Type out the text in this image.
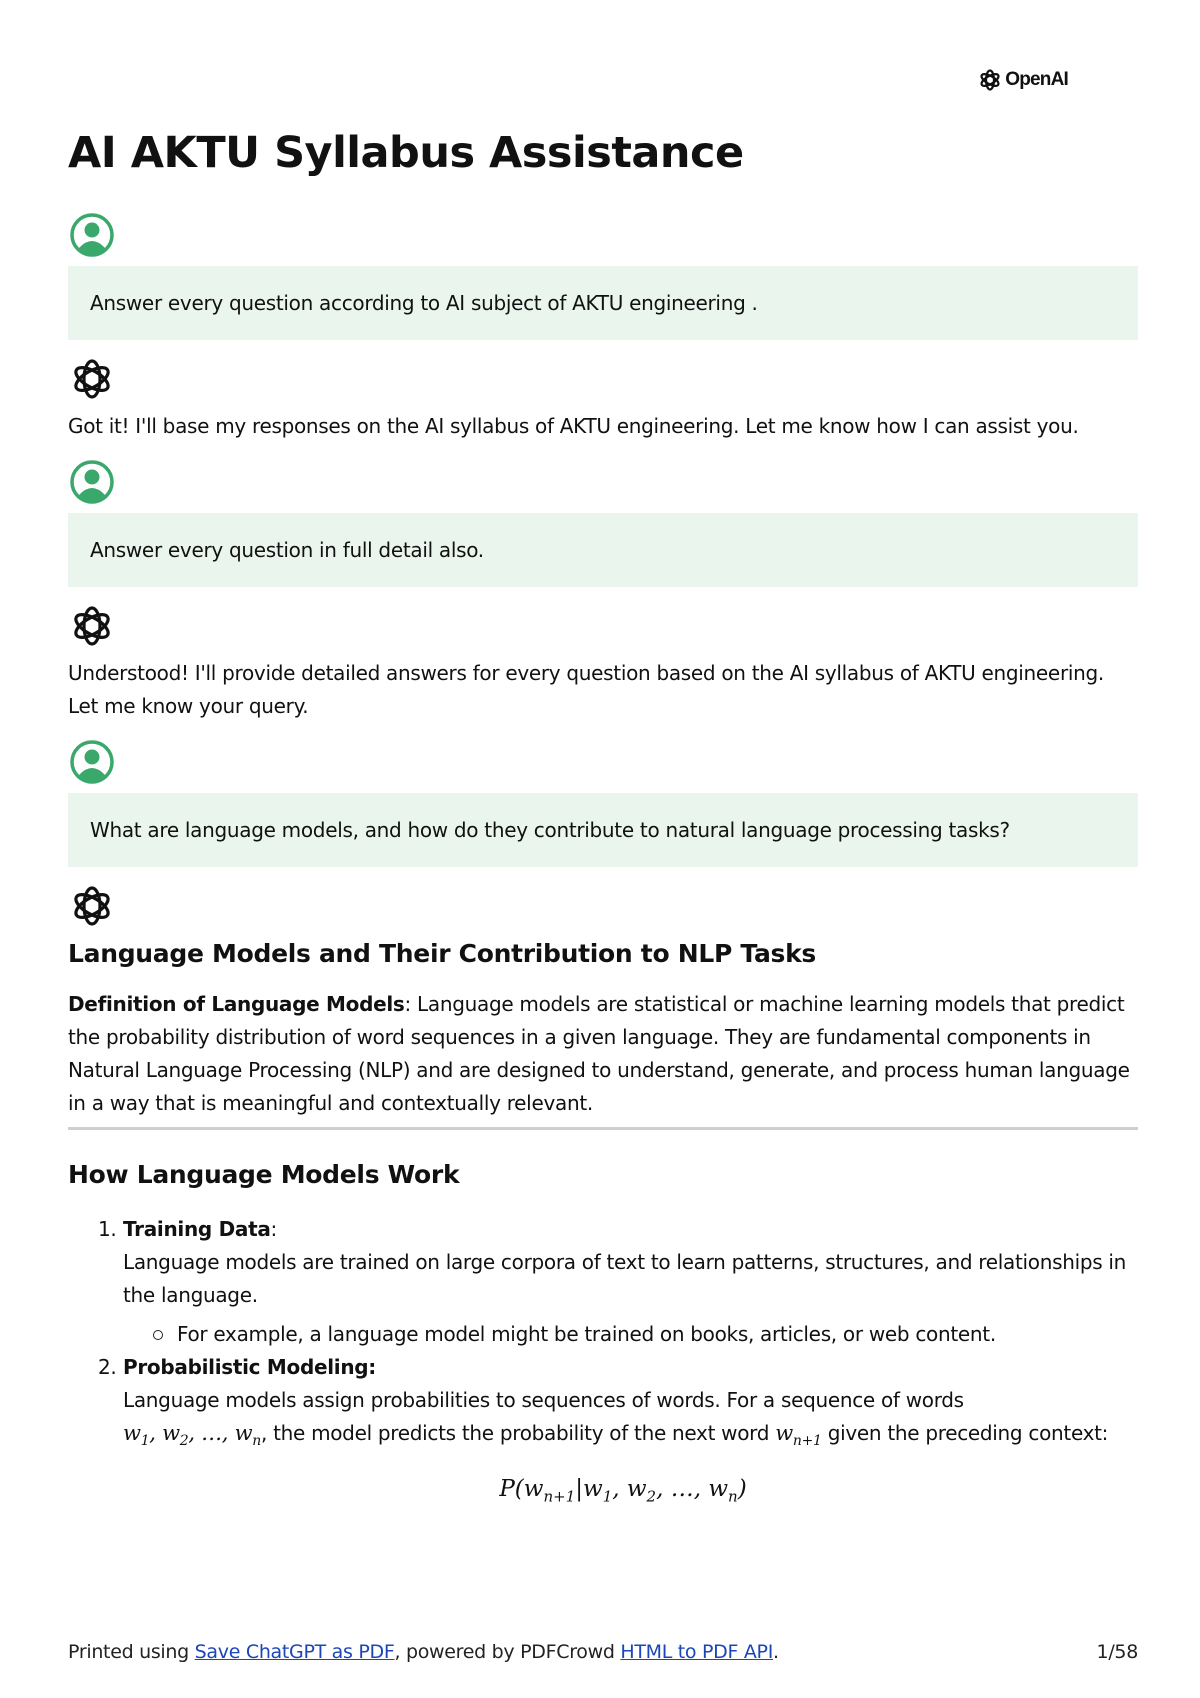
OpenAI
AI AKTU Syllabus Assistance
Answer every question according to AI subject of AKTU engineering .
Got it! I'll base my responses on the AI syllabus of AKTU engineering. Let me know how I can assist you.
Answer every question in full detail also.
Understood! I'll provide detailed answers for every question based on the AI syllabus of AKTU engineering. Let me know your query.
What are language models, and how do they contribute to natural language processing tasks?
Language Models and Their Contribution to NLP Tasks

Definition of Language Models: Language models are statistical or machine learning models that predict the probability distribution of word sequences in a given language. They are fundamental components in Natural Language Processing (NLP) and are designed to understand, generate, and process human language in a way that is meaningful and contextually relevant.

How Language Models Work
1. Training Data:
Language models are trained on large corpora of text to learn patterns, structures, and relationships in the language.
For example, a language model might be trained on books, articles, or web content.
2. Probabilistic Modeling:
Language models assign probabilities to sequences of words. For a sequence of words
$w_1$, $w_2$, …, $w_n$, the model predicts the probability of the next word $w_{n+1}$ given the preceding context:
$P(w_{n+1}|w_1$, $w_2$, …, $w_n$)
Printed using Save ChatGPT as PDF, powered by PDFCrowd HTML to PDF API.	1/58
